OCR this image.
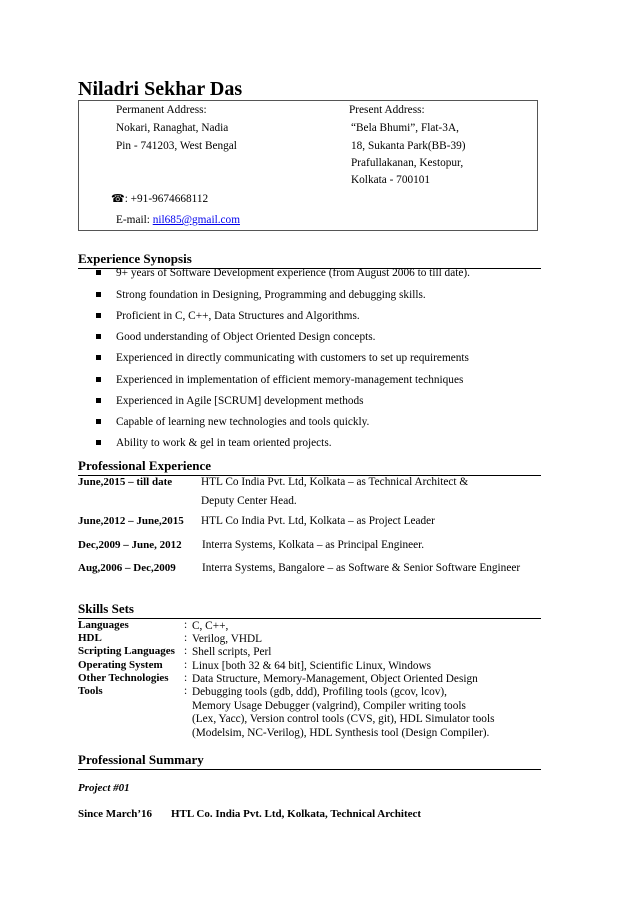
Niladri Sekhar Das
Permanent Address:
Nokari, Ranaghat, Nadia
Pin - 741203, West Bengal
Present Address:
“Bela Bhumi”, Flat-3A,
18, Sukanta Park(BB-39)
Prafullakanan, Kestopur,
Kolkata - 700101
☎: +91-9674668112
E-mail: nil685@gmail.com
Experience Synopsis
9+ years of Software Development experience (from August 2006 to till date).
Strong foundation in Designing, Programming and debugging skills.
Proficient in C, C++, Data Structures and Algorithms.
Good understanding of Object Oriented Design concepts.
Experienced in directly communicating with customers to set up requirements
Experienced in implementation of efficient memory-management techniques
Experienced in Agile [SCRUM] development methods
Capable of learning new technologies and tools quickly.
Ability to work & gel in team oriented projects.
Professional Experience
June,2015 – till date	HTL Co India Pvt. Ltd, Kolkata – as Technical Architect &
Deputy Center Head.
June,2012 – June,2015 HTL Co India Pvt. Ltd, Kolkata – as Project Leader
Dec,2009 – June, 2012 Interra Systems, Kolkata – as Principal Engineer.
Aug,2006 – Dec,2009 Interra Systems, Bangalore – as Software & Senior Software Engineer
Skills Sets
Languages	: C, C++,
HDL	: Verilog, VHDL
Scripting Languages : Shell scripts, Perl
Operating System : Linux [both 32 & 64 bit], Scientific Linux, Windows
Other Technologies : Data Structure, Memory-Management, Object Oriented Design
Tools	: Debugging tools (gdb, ddd), Profiling tools (gcov, lcov),
Memory Usage Debugger (valgrind), Compiler writing tools
(Lex, Yacc), Version control tools (CVS, git), HDL Simulator tools
(Modelsim, NC-Verilog), HDL Synthesis tool (Design Compiler).
Professional Summary
Project #01
Since March’16 HTL Co. India Pvt. Ltd, Kolkata, Technical Architect
